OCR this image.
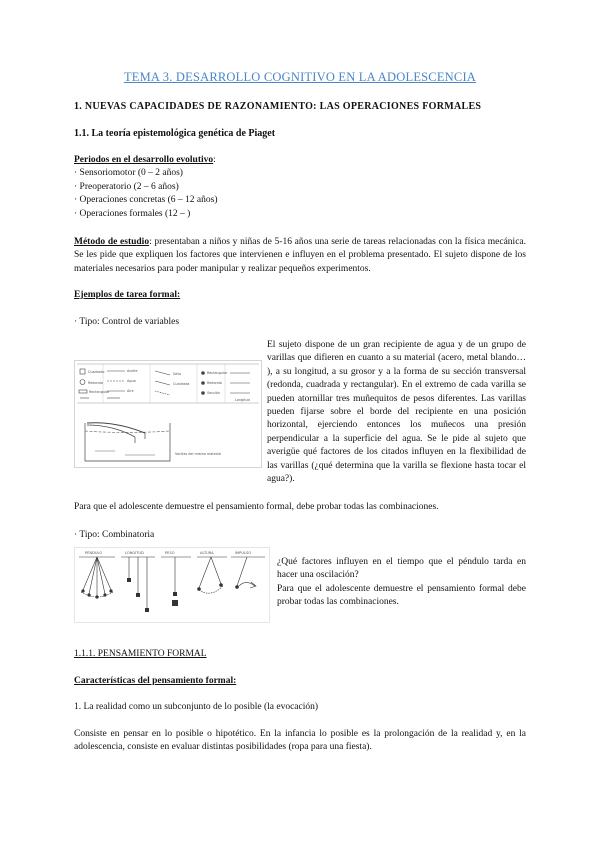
TEMA 3. DESARROLLO COGNITIVO EN LA ADOLESCENCIA
1. NUEVAS CAPACIDADES DE RAZONAMIENTO: LAS OPERACIONES FORMALES
1.1. La teoría epistemológica genética de Piaget
Periodos en el desarrollo evolutivo:
· Sensoriomotor (0 – 2 años)
· Preoperatorio (2 – 6 años)
· Operaciones concretas (6 – 12 años)
· Operaciones formales (12 – )
Método de estudio: presentaban a niños y niñas de 5-16 años una serie de tareas relacionadas con la física mecánica. Se les pide que expliquen los factores que intervienen e influyen en el problema presentado. El sujeto dispone de los materiales necesarios para poder manipular y realizar pequeños experimentos.
Ejemplos de tarea formal:
· Tipo: Control de variables
Cuadrado
Redondo
Rectangular
Aceite
Agua
Aire
Sello
Cuadrada
Rectangular
Redonda
Sección
Longitud
Varillas del mismo material
El sujeto dispone de un gran recipiente de agua y de un grupo de varillas que difieren en cuanto a su material (acero, metal blando… ), a su longitud, a su grosor y a la forma de su sección transversal (redonda, cuadrada y rectangular). En el extremo de cada varilla se pueden atornillar tres muñequitos de pesos diferentes. Las varillas pueden fijarse sobre el borde del recipiente en una posición horizontal, ejerciendo entonces los muñecos una presión perpendicular a la superficie del agua. Se le pide al sujeto que averigüe qué factores de los citados influyen en la flexibilidad de las varillas (¿qué determina que la varilla se flexione hasta tocar el agua?).
Para que el adolescente demuestre el pensamiento formal, debe probar todas las combinaciones.
· Tipo: Combinatoria
PÉNDULO	LONGITUD	PESO	ALTURA	IMPULSO
¿Qué factores influyen en el tiempo que el péndulo tarda en hacer una oscilación?
Para que el adolescente demuestre el pensamiento formal debe probar todas las combinaciones.
1.1.1. PENSAMIENTO FORMAL
Características del pensamiento formal:
1. La realidad como un subconjunto de lo posible (la evocación)
Consiste en pensar en lo posible o hipotético. En la infancia lo posible es la prolongación de la realidad y, en la adolescencia, consiste en evaluar distintas posibilidades (ropa para una fiesta).
